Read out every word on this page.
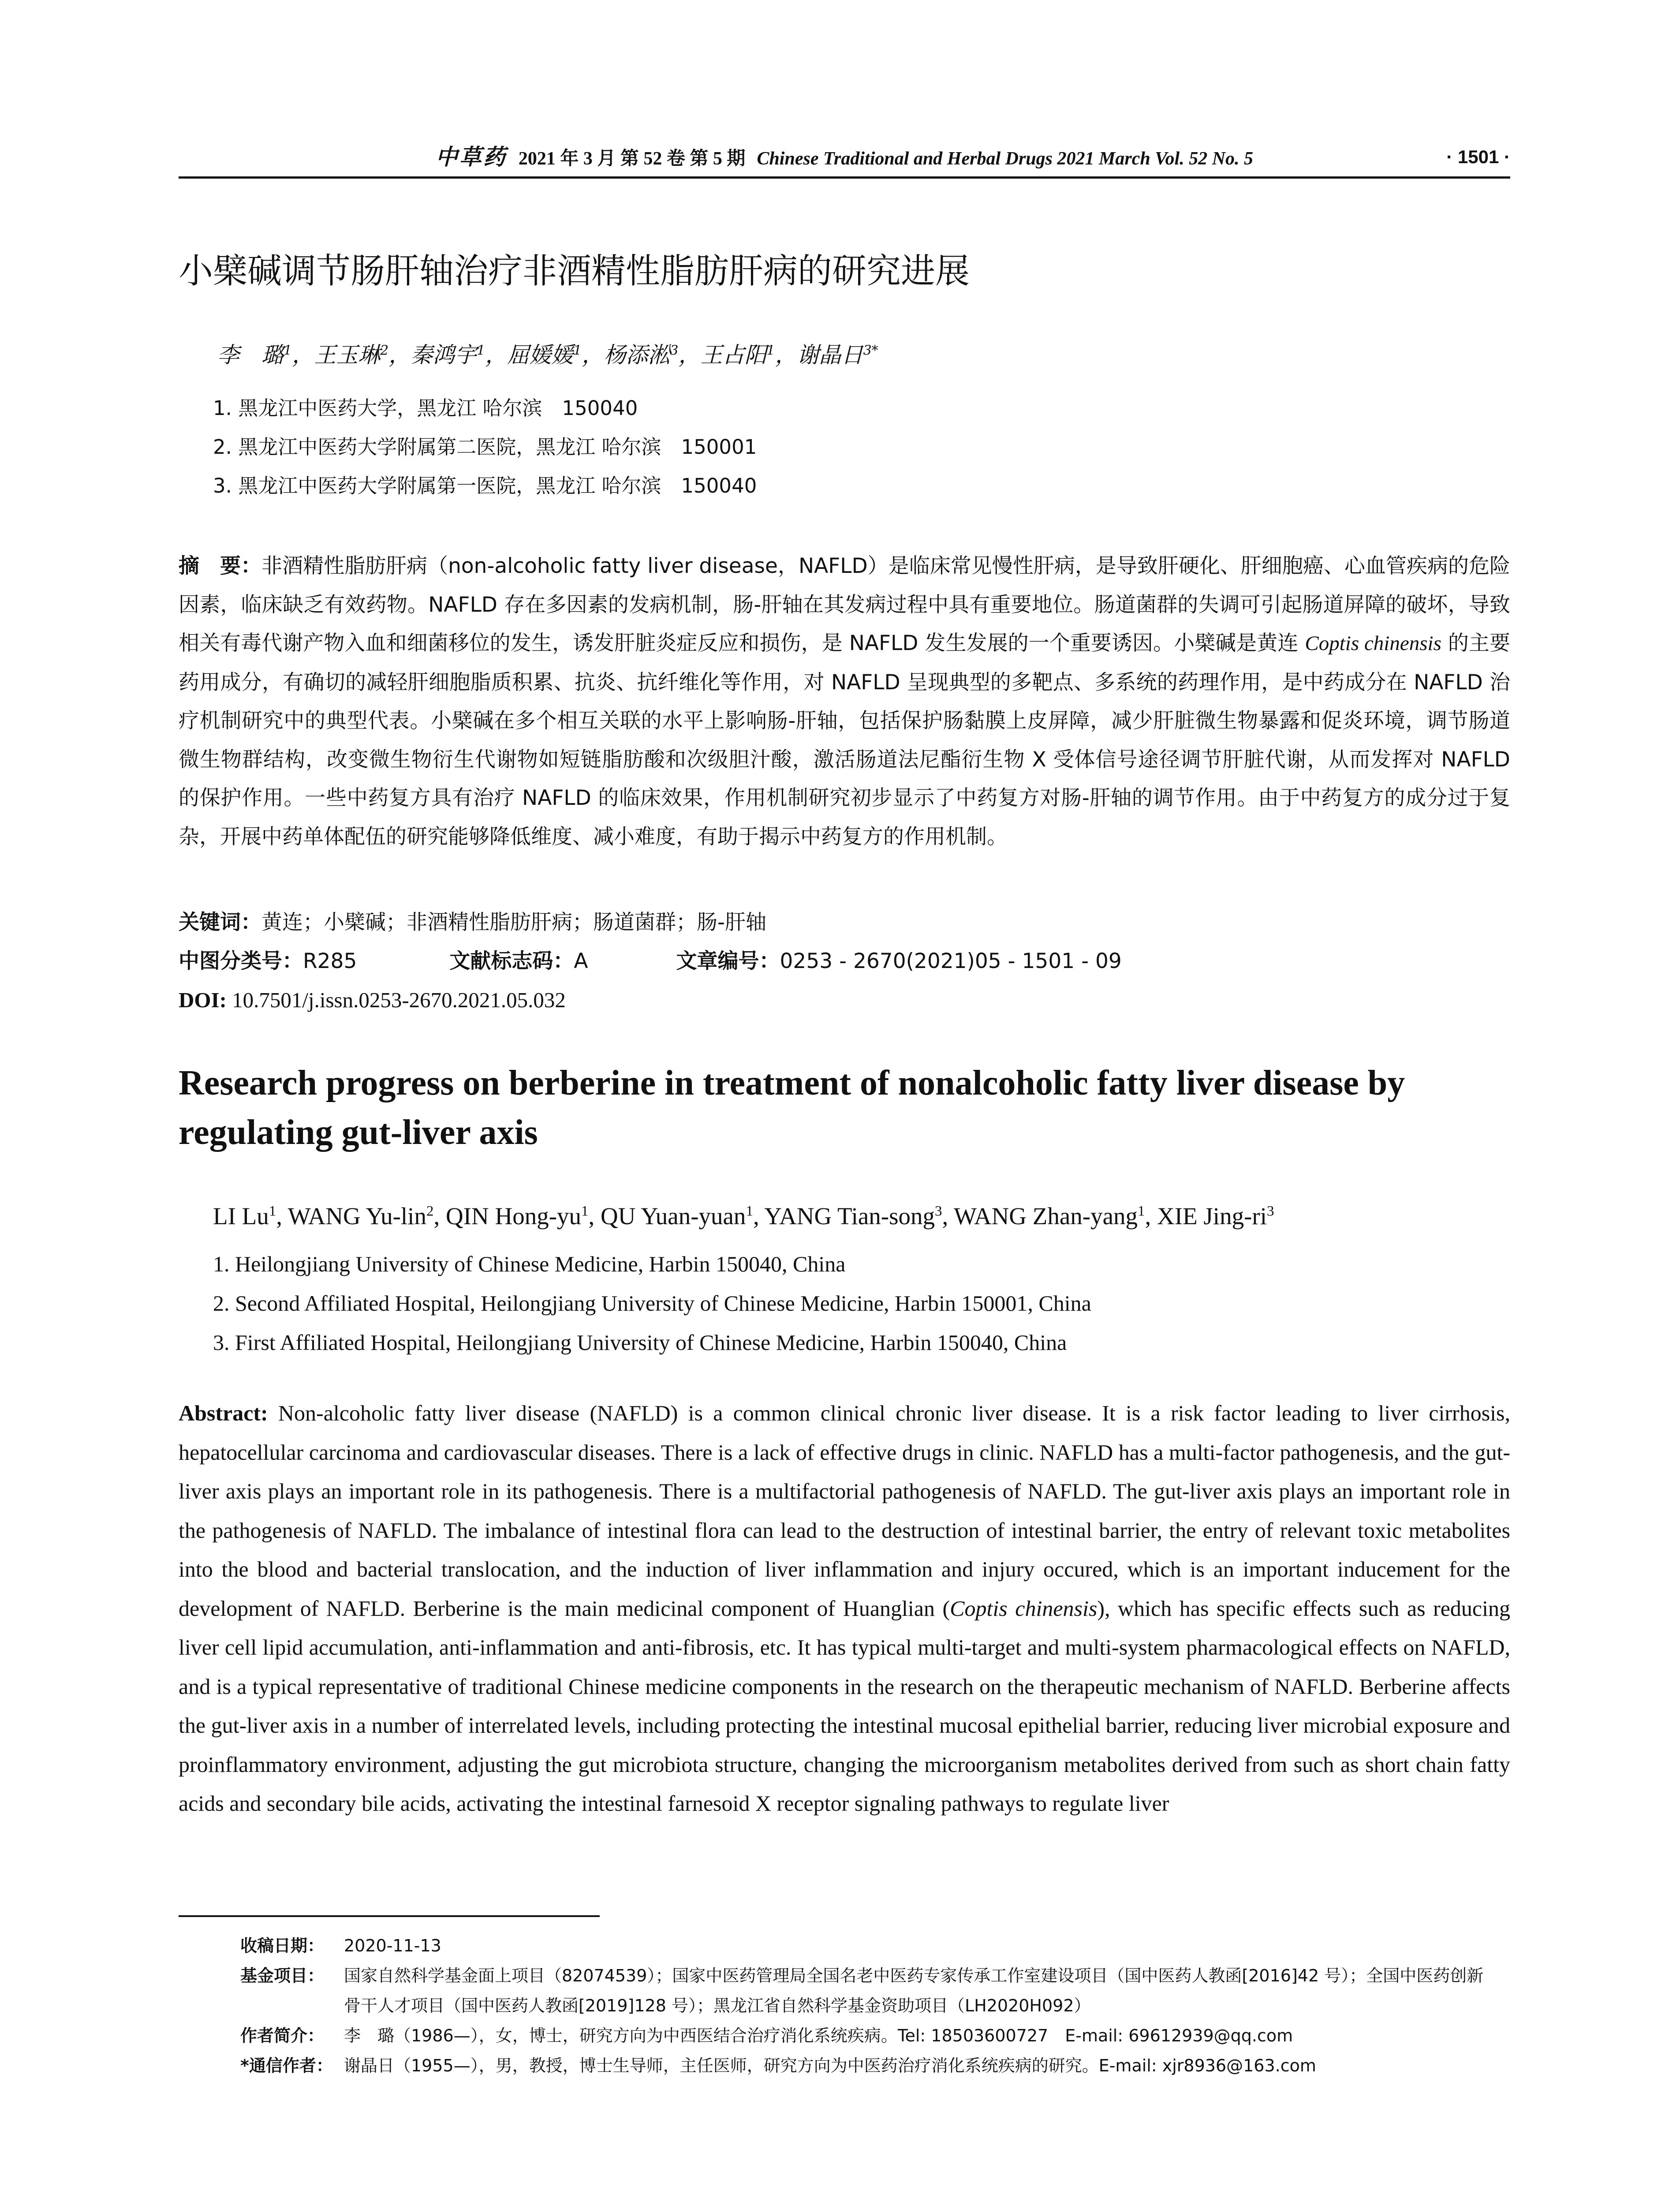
中草药 2021 年 3 月 第 52 卷 第 5 期 Chinese Traditional and Herbal Drugs 2021 March Vol. 52 No. 5	· 1501 ·
小檗碱调节肠肝轴治疗非酒精性脂肪肝病的研究进展
李　璐$^1$，王玉琳$^2$，秦鸿宇$^1$，屈媛媛$^1$，杨添淞$^3$，王占阳$^1$，谢晶日$^{3*}$
1. 黑龙江中医药大学，黑龙江 哈尔滨　150040
2. 黑龙江中医药大学附属第二医院，黑龙江 哈尔滨　150001
3. 黑龙江中医药大学附属第一医院，黑龙江 哈尔滨　150040
摘　要：非酒精性脂肪肝病（non-alcoholic fatty liver disease，NAFLD）是临床常见慢性肝病，是导致肝硬化、肝细胞癌、心血管疾病的危险因素，临床缺乏有效药物。NAFLD 存在多因素的发病机制，肠-肝轴在其发病过程中具有重要地位。肠道菌群的失调可引起肠道屏障的破坏，导致相关有毒代谢产物入血和细菌移位的发生，诱发肝脏炎症反应和损伤，是 NAFLD 发生发展的一个重要诱因。小檗碱是黄连 Coptis chinensis 的主要药用成分，有确切的减轻肝细胞脂质积累、抗炎、抗纤维化等作用，对 NAFLD 呈现典型的多靶点、多系统的药理作用，是中药成分在 NAFLD 治疗机制研究中的典型代表。小檗碱在多个相互关联的水平上影响肠-肝轴，包括保护肠黏膜上皮屏障，减少肝脏微生物暴露和促炎环境，调节肠道微生物群结构，改变微生物衍生代谢物如短链脂肪酸和次级胆汁酸，激活肠道法尼酯衍生物 X 受体信号途径调节肝脏代谢，从而发挥对 NAFLD 的保护作用。一些中药复方具有治疗 NAFLD 的临床效果，作用机制研究初步显示了中药复方对肠-肝轴的调节作用。由于中药复方的成分过于复杂，开展中药单体配伍的研究能够降低维度、减小难度，有助于揭示中药复方的作用机制。
关键词：黄连；小檗碱；非酒精性脂肪肝病；肠道菌群；肠-肝轴
中图分类号：R285	文献标志码：A	文章编号：0253 - 2670(2021)05 - 1501 - 09
DOI: 10.7501/j.issn.0253-2670.2021.05.032
Research progress on berberine in treatment of nonalcoholic fatty liver disease by regulating gut-liver axis
LI Lu$^1$, WANG Yu-lin$^2$, QIN Hong-$yu^1$, QU Yuan-yuan$^1$, YANG Tian-song$^3$, WANG Zhan-yang$^1$, XIE Jing-$ri^3$
1. Heilongjiang University of Chinese Medicine, Harbin 150040, China
2. Second Affiliated Hospital, Heilongjiang University of Chinese Medicine, Harbin 150001, China
3. First Affiliated Hospital, Heilongjiang University of Chinese Medicine, Harbin 150040, China
Abstract: Non-alcoholic fatty liver disease (NAFLD) is a common clinical chronic liver disease. It is a risk factor leading to liver cirrhosis, hepatocellular carcinoma and cardiovascular diseases. There is a lack of effective drugs in clinic. NAFLD has a multi-factor pathogenesis, and the gut-liver axis plays an important role in its pathogenesis. There is a multifactorial pathogenesis of NAFLD. The gut-liver axis plays an important role in the pathogenesis of NAFLD. The imbalance of intestinal flora can lead to the destruction of intestinal barrier, the entry of relevant toxic metabolites into the blood and bacterial translocation, and the induction of liver inflammation and injury occured, which is an important inducement for the development of NAFLD. Berberine is the main medicinal component of Huanglian (Coptis chinensis), which has specific effects such as reducing liver cell lipid accumulation, anti-inflammation and anti-fibrosis, etc. It has typical multi-target and multi-system pharmacological effects on NAFLD, and is a typical representative of traditional Chinese medicine components in the research on the therapeutic mechanism of NAFLD. Berberine affects the gut-liver axis in a number of interrelated levels, including protecting the intestinal mucosal epithelial barrier, reducing liver microbial exposure and proinflammatory environment, adjusting the gut microbiota structure, changing the microorganism metabolites derived from such as short chain fatty acids and secondary bile acids, activating the intestinal farnesoid X receptor signaling pathways to regulate liver
收稿日期： 2020-11-13
基金项目： 国家自然科学基金面上项目（82074539）；国家中医药管理局全国名老中医药专家传承工作室建设项目（国中医药人教函[2016]42 号）；全国中医药创新骨干人才项目（国中医药人教函[2019]128 号）；黑龙江省自然科学基金资助项目（LH2020H092）
作者简介： 李　璐（1986—），女，博士，研究方向为中西医结合治疗消化系统疾病。Tel: 18503600727　E-mail: 69612939@qq.com
*通信作者： 谢晶日（1955—），男，教授，博士生导师，主任医师，研究方向为中医药治疗消化系统疾病的研究。E-mail: xjr8936@163.com
